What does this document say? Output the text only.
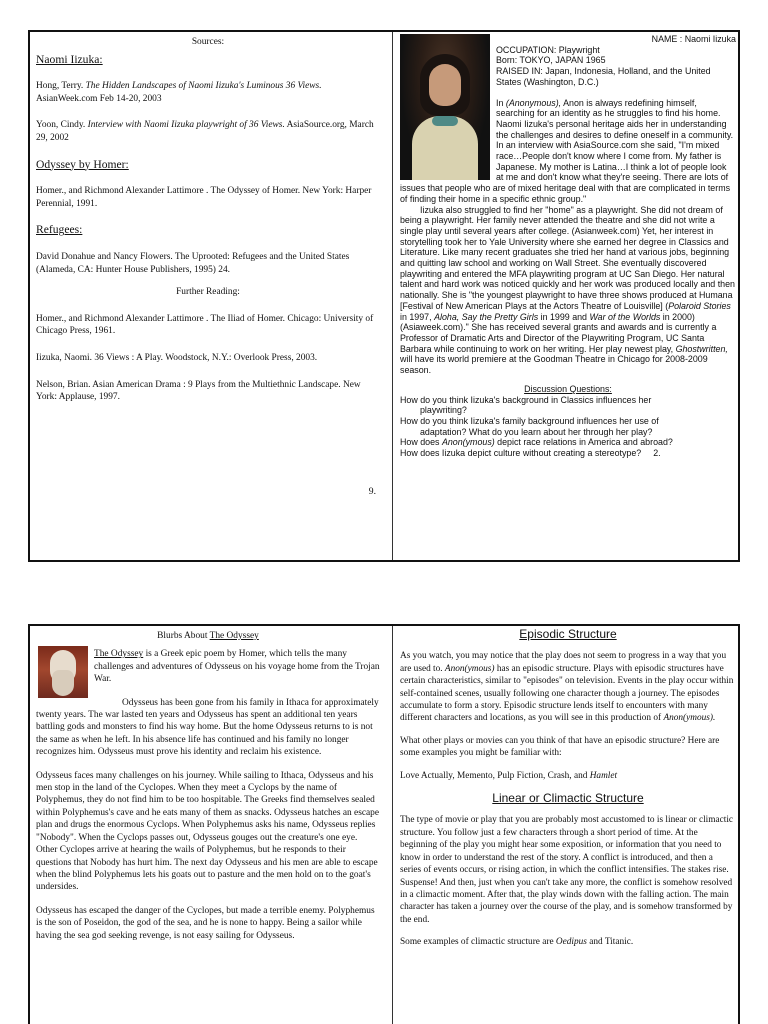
Sources:
Naomi Iizuka:

Hong, Terry. The Hidden Landscapes of Naomi Iizuka's Luminous 36 Views. AsianWeek.com Feb 14-20, 2003

Yoon, Cindy. Interview with Naomi Iizuka playwright of 36 Views. AsiaSource.org, March 29, 2002

Odyssey by Homer:

Homer., and Richmond Alexander Lattimore . The Odyssey of Homer. New York: Harper Perennial, 1991.

Refugees:

David Donahue and Nancy Flowers. The Uprooted: Refugees and the United States (Alameda, CA: Hunter House Publishers, 1995) 24.

Further Reading:

Homer., and Richmond Alexander Lattimore . The Iliad of Homer. Chicago: University of Chicago Press, 1961.

Iizuka, Naomi. 36 Views : A Play. Woodstock, N.Y.: Overlook Press, 2003.

Nelson, Brian. Asian American Drama : 9 Plays from the Multiethnic Landscape. New York: Applause, 1997.

9.
NAME : Naomi Iizuka
OCCUPATION: Playwright
Born: TOKYO, JAPAN 1965
RAISED IN: Japan, Indonesia, Holland, and the United States (Washington, D.C.)

In (Anonymous), Anon is always redefining himself, searching for an identity as he struggles to find his home. Naomi Iizuka's personal heritage aids her in understanding the challenges and desires to define oneself in a community. In an interview with AsiaSource.com she said, "I'm mixed race…People don't know where I come from. My father is Japanese. My mother is Latina…I think a lot of people look at me and don't know what they're seeing. There are lots of issues that people who are of mixed heritage deal with that are complicated in terms of finding their home in a specific ethnic group."

Iizuka also struggled to find her "home" as a playwright. She did not dream of being a playwright. Her family never attended the theatre and she did not write a single play until several years after college. (Asianweek.com) Yet, her interest in storytelling took her to Yale University where she earned her degree in Classics and Literature. Like many recent graduates she tried her hand at various jobs, beginning and quitting law school and working on Wall Street. She eventually discovered playwriting and entered the MFA playwriting program at UC San Diego. Her natural talent and hard work was noticed quickly and her work was produced locally and then nationally. She is "the youngest playwright to have three shows produced at Humana [Festival of New American Plays at the Actors Theatre of Louisville] (Polaroid Stories in 1997, Aloha, Say the Pretty Girls in 1999 and War of the Worlds in 2000) (Asiaweek.com)." She has received several grants and awards and is currently a Professor of Dramatic Arts and Director of the Playwriting Program, UC Santa Barbara while continuing to work on her writing. Her play newest play, Ghostwritten, will have its world premiere at the Goodman Theatre in Chicago for 2008-2009 season.

Discussion Questions:
How do you think Iizuka's background in Classics influences her
playwriting?
How do you think Iizuka's family background influences her use of
adaptation? What do you learn about her through her play?
How does Anon(ymous) depict race relations in America and abroad?
How does Iizuka depict culture without creating a stereotype? 2.
Blurbs About The Odyssey

The Odyssey is a Greek epic poem by Homer, which tells the many challenges and adventures of Odysseus on his voyage home from the Trojan War.

Odysseus has been gone from his family in Ithaca for approximately twenty years. The war lasted ten years and Odysseus has spent an additional ten years battling gods and monsters to find his way home. But the home Odysseus returns to is not the same as when he left. In his absence life has continued and his family no longer recognizes him. Odysseus must prove his identity and reclaim his existence.

Odysseus faces many challenges on his journey. While sailing to Ithaca, Odysseus and his men stop in the land of the Cyclopes. When they meet a Cyclops by the name of Polyphemus, they do not find him to be too hospitable. The Greeks find themselves sealed within Polyphemus's cave and he eats many of them as snacks. Odysseus hatches an escape plan and drugs the enormous Cyclops. When Polyphemus asks his name, Odysseus replies "Nobody". When the Cyclops passes out, Odysseus gouges out the creature's one eye. Other Cyclopes arrive at hearing the wails of Polyphemus, but he responds to their questions that Nobody has hurt him. The next day Odysseus and his men are able to escape when the blind Polyphemus lets his goats out to pasture and the men hold on to the goat's undersides.

Odysseus has escaped the danger of the Cyclopes, but made a terrible enemy. Polyphemus is the son of Poseidon, the god of the sea, and he is none to happy. Being a sailor while having the sea god seeking revenge, is not easy sailing for Odysseus.

Episodic Structure

As you watch, you may notice that the play does not seem to progress in a way that you are used to. Anon(ymous) has an episodic structure. Plays with episodic structures have certain characteristics, similar to "episodes" on television. Events in the play occur within self-contained scenes, usually following one character though a journey. The episodes accumulate to form a story. Episodic structure lends itself to encounters with many different characters and locations, as you will see in this production of Anon(ymous).

What other plays or movies can you think of that have an episodic structure? Here are some examples you might be familiar with:

Love Actually, Memento, Pulp Fiction, Crash, and Hamlet

Linear or Climactic Structure

The type of movie or play that you are probably most accustomed to is linear or climactic structure. You follow just a few characters through a short period of time. At the beginning of the play you might hear some exposition, or information that you need to know in order to understand the rest of the story. A conflict is introduced, and then a series of events occurs, or rising action, in which the conflict intensifies. The stakes rise. Suspense! And then, just when you can't take any more, the conflict is somehow resolved in a climactic moment. After that, the play winds down with the falling action. The main character has taken a journey over the course of the play, and is somehow transformed by the end.

Some examples of climactic structure are Oedipus and Titanic.
